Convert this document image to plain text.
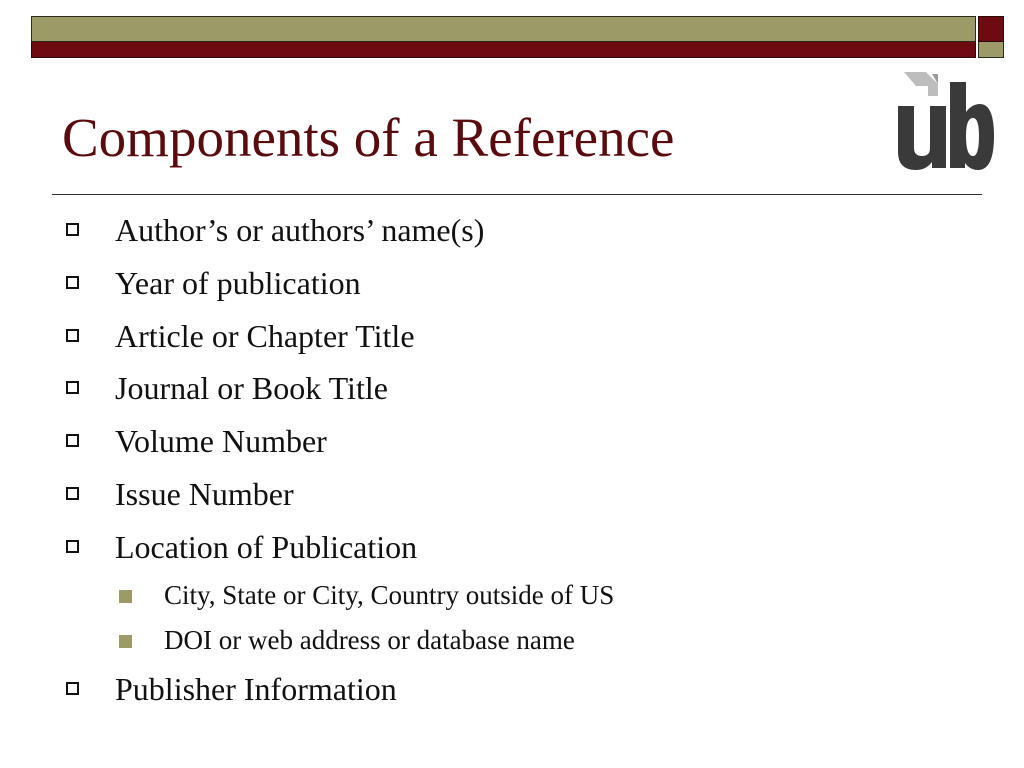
Components of a Reference
ub
Author’s or authors’ name(s)
Year of publication
Article or Chapter Title
Journal or Book Title
Volume Number
Issue Number
Location of Publication
City, State or City, Country outside of US
DOI or web address or database name
Publisher Information
